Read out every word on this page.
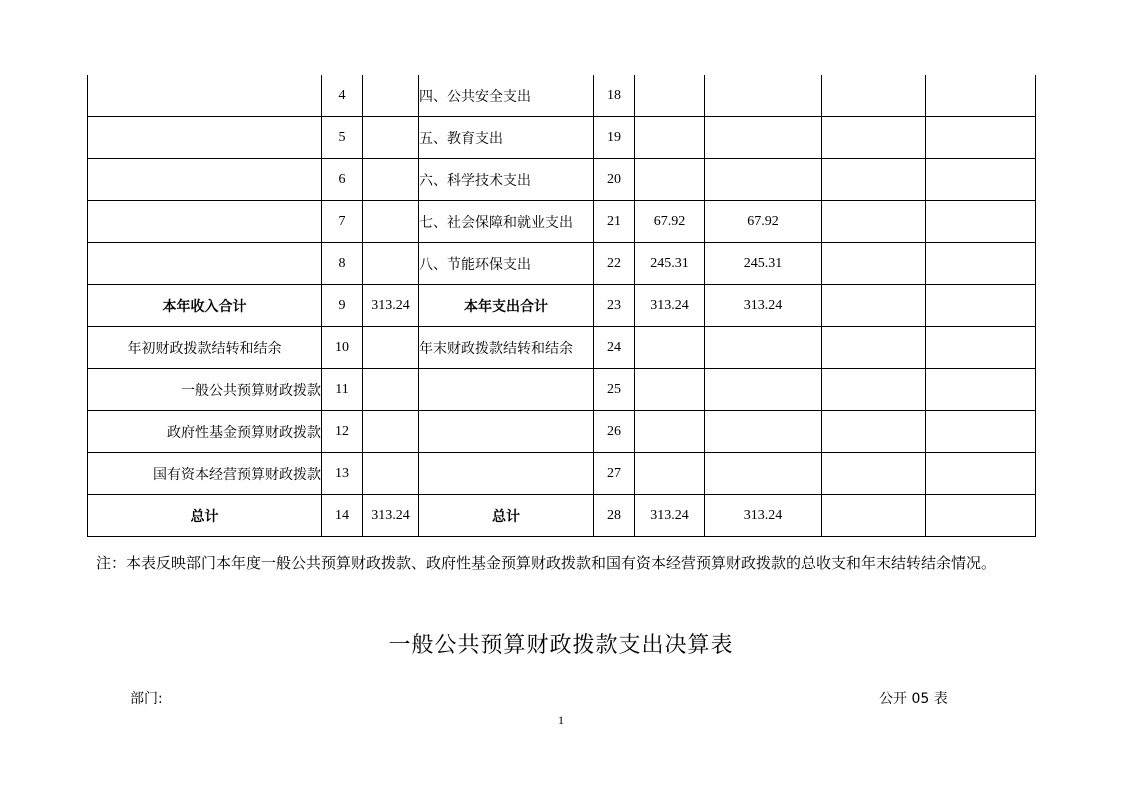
	4		四、公共安全支出	18				
	5		五、教育支出	19				
	6		六、科学技术支出	20				
	7		七、社会保障和就业支出	21	67.92	67.92		
	8		八、节能环保支出	22	245.31	245.31		
本年收入合计	9	313.24	本年支出合计	23	313.24	313.24		
年初财政拨款结转和结余	10		年末财政拨款结转和结余	24				
一般公共预算财政拨款	11			25				
政府性基金预算财政拨款	12			26				
国有资本经营预算财政拨款	13			27				
总计	14	313.24	总计	28	313.24	313.24		
注：本表反映部门本年度一般公共预算财政拨款、政府性基金预算财政拨款和国有资本经营预算财政拨款的总收支和年末结转结余情况。
一般公共预算财政拨款支出决算表
部门:	公开 05 表
1
